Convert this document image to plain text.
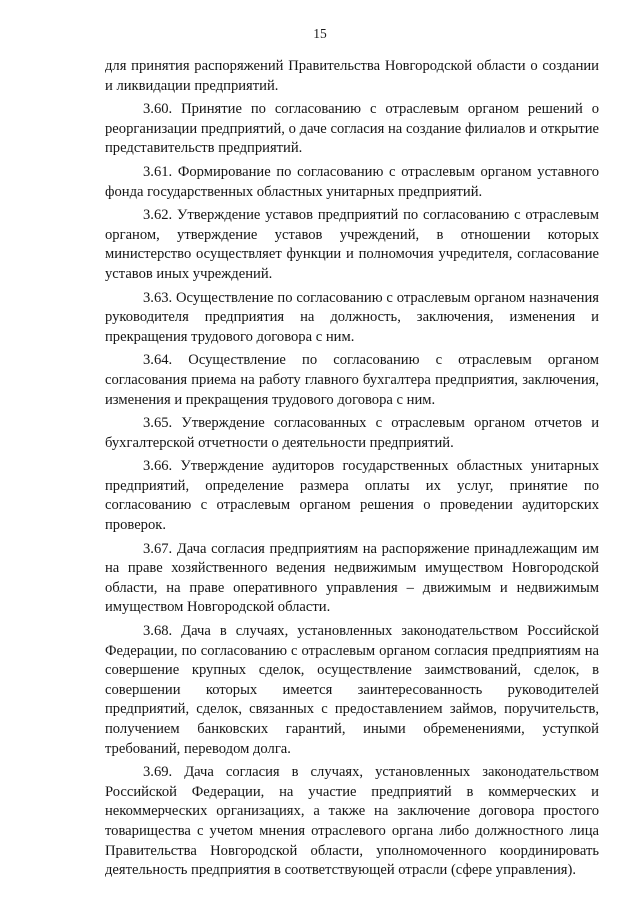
15

для принятия распоряжений Правительства Новгородской области о создании и ликвидации предприятий.

3.60. Принятие по согласованию с отраслевым органом решений о реорганизации предприятий, о даче согласия на создание филиалов и открытие представительств предприятий.

3.61. Формирование по согласованию с отраслевым органом уставного фонда государственных областных унитарных предприятий.

3.62. Утверждение уставов предприятий по согласованию с отраслевым органом, утверждение уставов учреждений, в отношении которых министерство осуществляет функции и полномочия учредителя, согласование уставов иных учреждений.

3.63. Осуществление по согласованию с отраслевым органом назначения руководителя предприятия на должность, заключения, изменения и прекращения трудового договора с ним.

3.64. Осуществление по согласованию с отраслевым органом согласования приема на работу главного бухгалтера предприятия, заключения, изменения и прекращения трудового договора с ним.

3.65. Утверждение согласованных с отраслевым органом отчетов и бухгалтерской отчетности о деятельности предприятий.

3.66. Утверждение аудиторов государственных областных унитарных предприятий, определение размера оплаты их услуг, принятие по согласованию с отраслевым органом решения о проведении аудиторских проверок.

3.67. Дача согласия предприятиям на распоряжение принадлежащим им на праве хозяйственного ведения недвижимым имуществом Новгородской области, на праве оперативного управления – движимым и недвижимым имуществом Новгородской области.

3.68. Дача в случаях, установленных законодательством Российской Федерации, по согласованию с отраслевым органом согласия предприятиям на совершение крупных сделок, осуществление заимствований, сделок, в совершении которых имеется заинтересованность руководителей предприятий, сделок, связанных с предоставлением займов, поручительств, получением банковских гарантий, иными обременениями, уступкой требований, переводом долга.

3.69. Дача согласия в случаях, установленных законодательством Российской Федерации, на участие предприятий в коммерческих и некоммерческих организациях, а также на заключение договора простого товарищества с учетом мнения отраслевого органа либо должностного лица Правительства Новгородской области, уполномоченного координировать деятельность предприятия в соответствующей отрасли (сфере управления).
